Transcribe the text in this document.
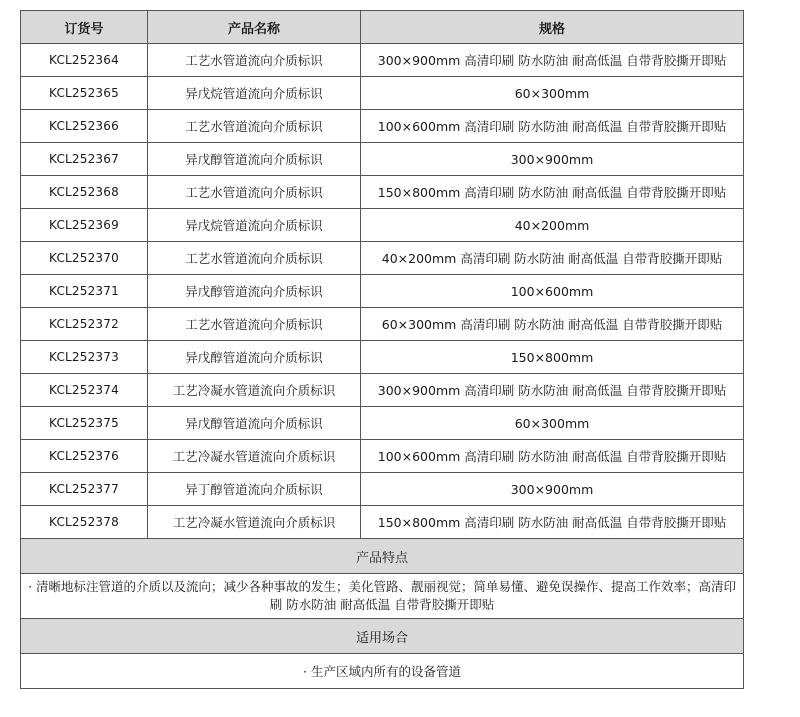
订货号	产品名称	规格
KCL252364	工艺水管道流向介质标识	300×900mm 高清印刷 防水防油 耐高低温 自带背胶撕开即贴
KCL252365	异戊烷管道流向介质标识	60×300mm
KCL252366	工艺水管道流向介质标识	100×600mm 高清印刷 防水防油 耐高低温 自带背胶撕开即贴
KCL252367	异戊醇管道流向介质标识	300×900mm
KCL252368	工艺水管道流向介质标识	150×800mm 高清印刷 防水防油 耐高低温 自带背胶撕开即贴
KCL252369	异戊烷管道流向介质标识	40×200mm
KCL252370	工艺水管道流向介质标识	40×200mm 高清印刷 防水防油 耐高低温 自带背胶撕开即贴
KCL252371	异戊醇管道流向介质标识	100×600mm
KCL252372	工艺水管道流向介质标识	60×300mm 高清印刷 防水防油 耐高低温 自带背胶撕开即贴
KCL252373	异戊醇管道流向介质标识	150×800mm
KCL252374	工艺冷凝水管道流向介质标识	300×900mm 高清印刷 防水防油 耐高低温 自带背胶撕开即贴
KCL252375	异戊醇管道流向介质标识	60×300mm
KCL252376	工艺冷凝水管道流向介质标识	100×600mm 高清印刷 防水防油 耐高低温 自带背胶撕开即贴
KCL252377	异丁醇管道流向介质标识	300×900mm
KCL252378	工艺冷凝水管道流向介质标识	150×800mm 高清印刷 防水防油 耐高低温 自带背胶撕开即贴
产品特点		
· 清晰地标注管道的介质以及流向；减少各种事故的发生；美化管路、靓丽视觉；简单易懂、避免误操作、提高工作效率；高清印刷 防水防油 耐高低温 自带背胶撕开即贴		
适用场合		
· 生产区域内所有的设备管道		
